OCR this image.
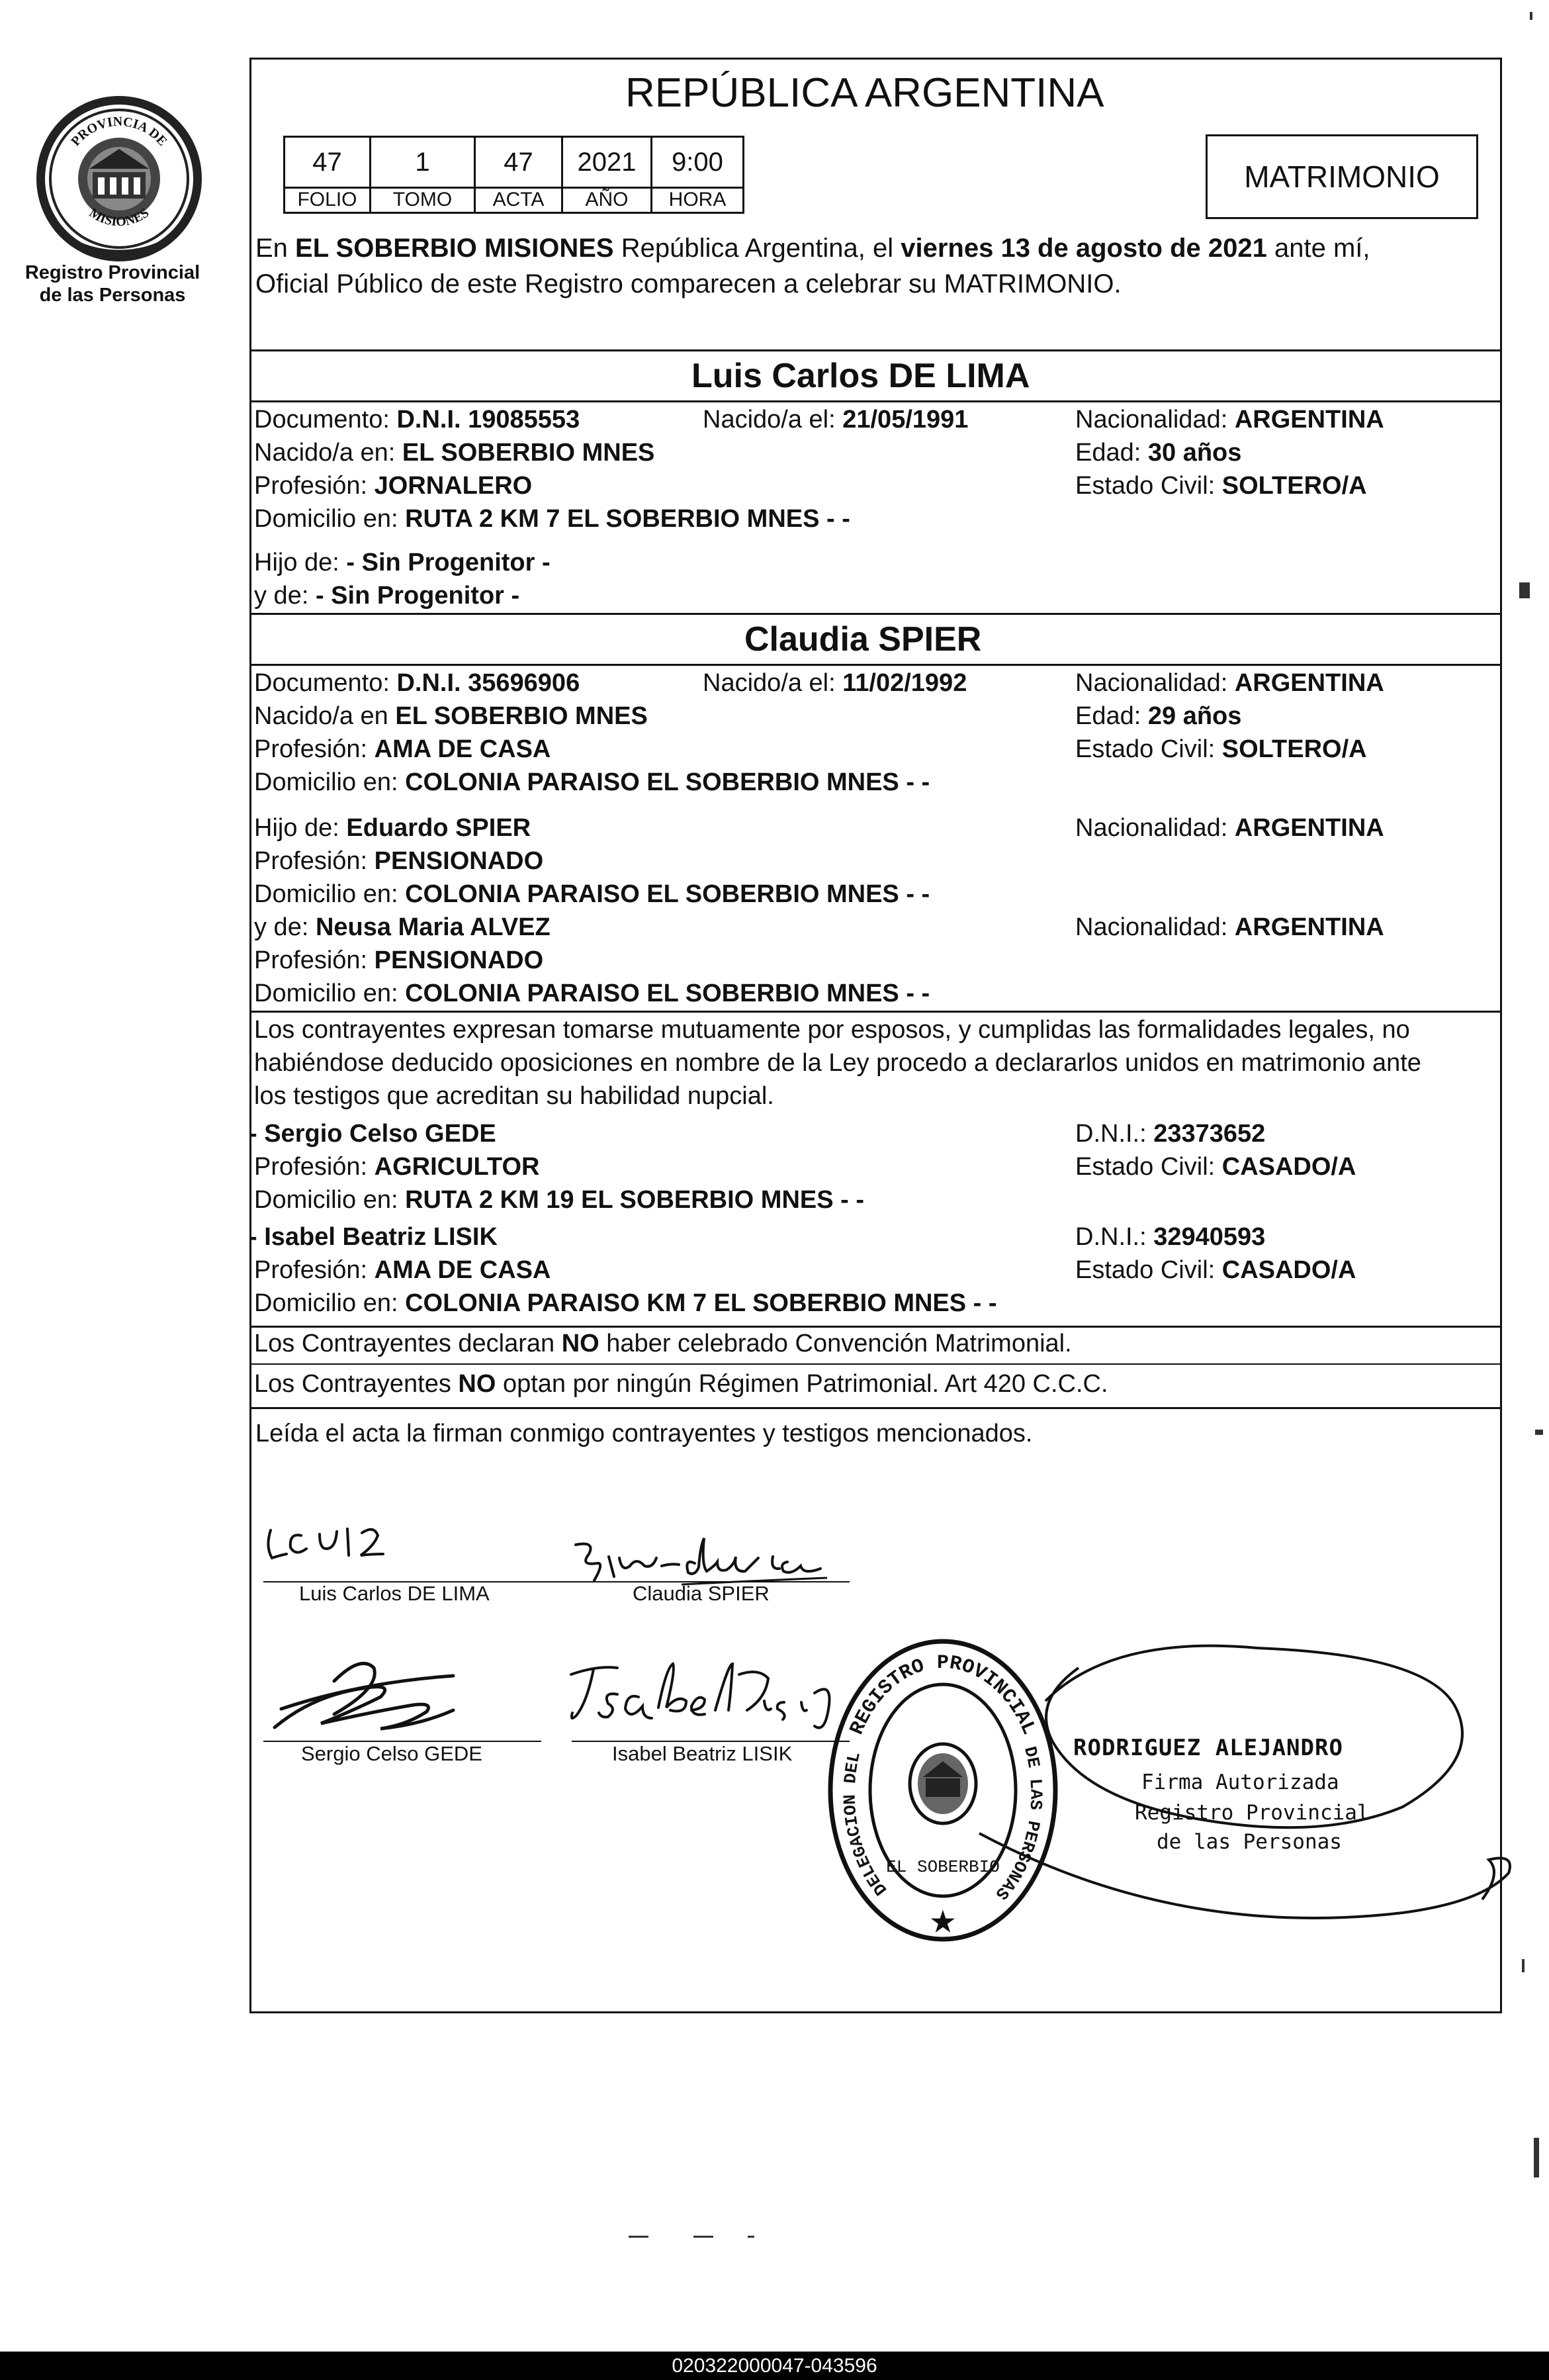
PROVINCIA DE
MISIONES
Registro Provincial
de las Personas
REPÚBLICA ARGENTINA
47	1	47	2021	9:00
FOLIO	TOMO	ACTA	AÑO	HORA
MATRIMONIO
En EL SOBERBIO MISIONES República Argentina, el viernes 13 de agosto de 2021 ante mí,
Oficial Público de este Registro comparecen a celebrar su MATRIMONIO.
Luis Carlos DE LIMA
Documento: D.N.I. 19085553	Nacido/a el: 21/05/1991	Nacionalidad: ARGENTINA
Nacido/a en: EL SOBERBIO MNES	Edad: 30 años
Profesión: JORNALERO	Estado Civil: SOLTERO/A
Domicilio en: RUTA 2 KM 7 EL SOBERBIO MNES - -
Hijo de: - Sin Progenitor -
y de: - Sin Progenitor -
Claudia SPIER
Documento: D.N.I. 35696906	Nacido/a el: 11/02/1992	Nacionalidad: ARGENTINA
Nacido/a en EL SOBERBIO MNES	Edad: 29 años
Profesión: AMA DE CASA	Estado Civil: SOLTERO/A
Domicilio en: COLONIA PARAISO EL SOBERBIO MNES - -
Hijo de: Eduardo SPIER	Nacionalidad: ARGENTINA
Profesión: PENSIONADO
Domicilio en: COLONIA PARAISO EL SOBERBIO MNES - -
y de: Neusa Maria ALVEZ	Nacionalidad: ARGENTINA
Profesión: PENSIONADO
Domicilio en: COLONIA PARAISO EL SOBERBIO MNES - -
Los contrayentes expresan tomarse mutuamente por esposos, y cumplidas las formalidades legales, no
habiéndose deducido oposiciones en nombre de la Ley procedo a declararlos unidos en matrimonio ante
los testigos que acreditan su habilidad nupcial.
- Sergio Celso GEDE	D.N.I.: 23373652
Profesión: AGRICULTOR	Estado Civil: CASADO/A
Domicilio en: RUTA 2 KM 19 EL SOBERBIO MNES - -
- Isabel Beatriz LISIK	D.N.I.: 32940593
Profesión: AMA DE CASA	Estado Civil: CASADO/A
Domicilio en: COLONIA PARAISO KM 7 EL SOBERBIO MNES - -
Los Contrayentes declaran NO haber celebrado Convención Matrimonial.
Los Contrayentes NO optan por ningún Régimen Patrimonial. Art 420 C.C.C.
Leída el acta la firman conmigo contrayentes y testigos mencionados.
Luis Carlos DE LIMA	Claudia SPIER
Sergio Celso GEDE	Isabel Beatriz LISIK
★
REGISTRO PROVINCIAL
DELEGACION DEL	DE LAS PERSONAS
EL SOBERBIO
RODRIGUEZ ALEJANDRO
Firma Autorizada
Registro Provincial
de las Personas
020322000047-043596
